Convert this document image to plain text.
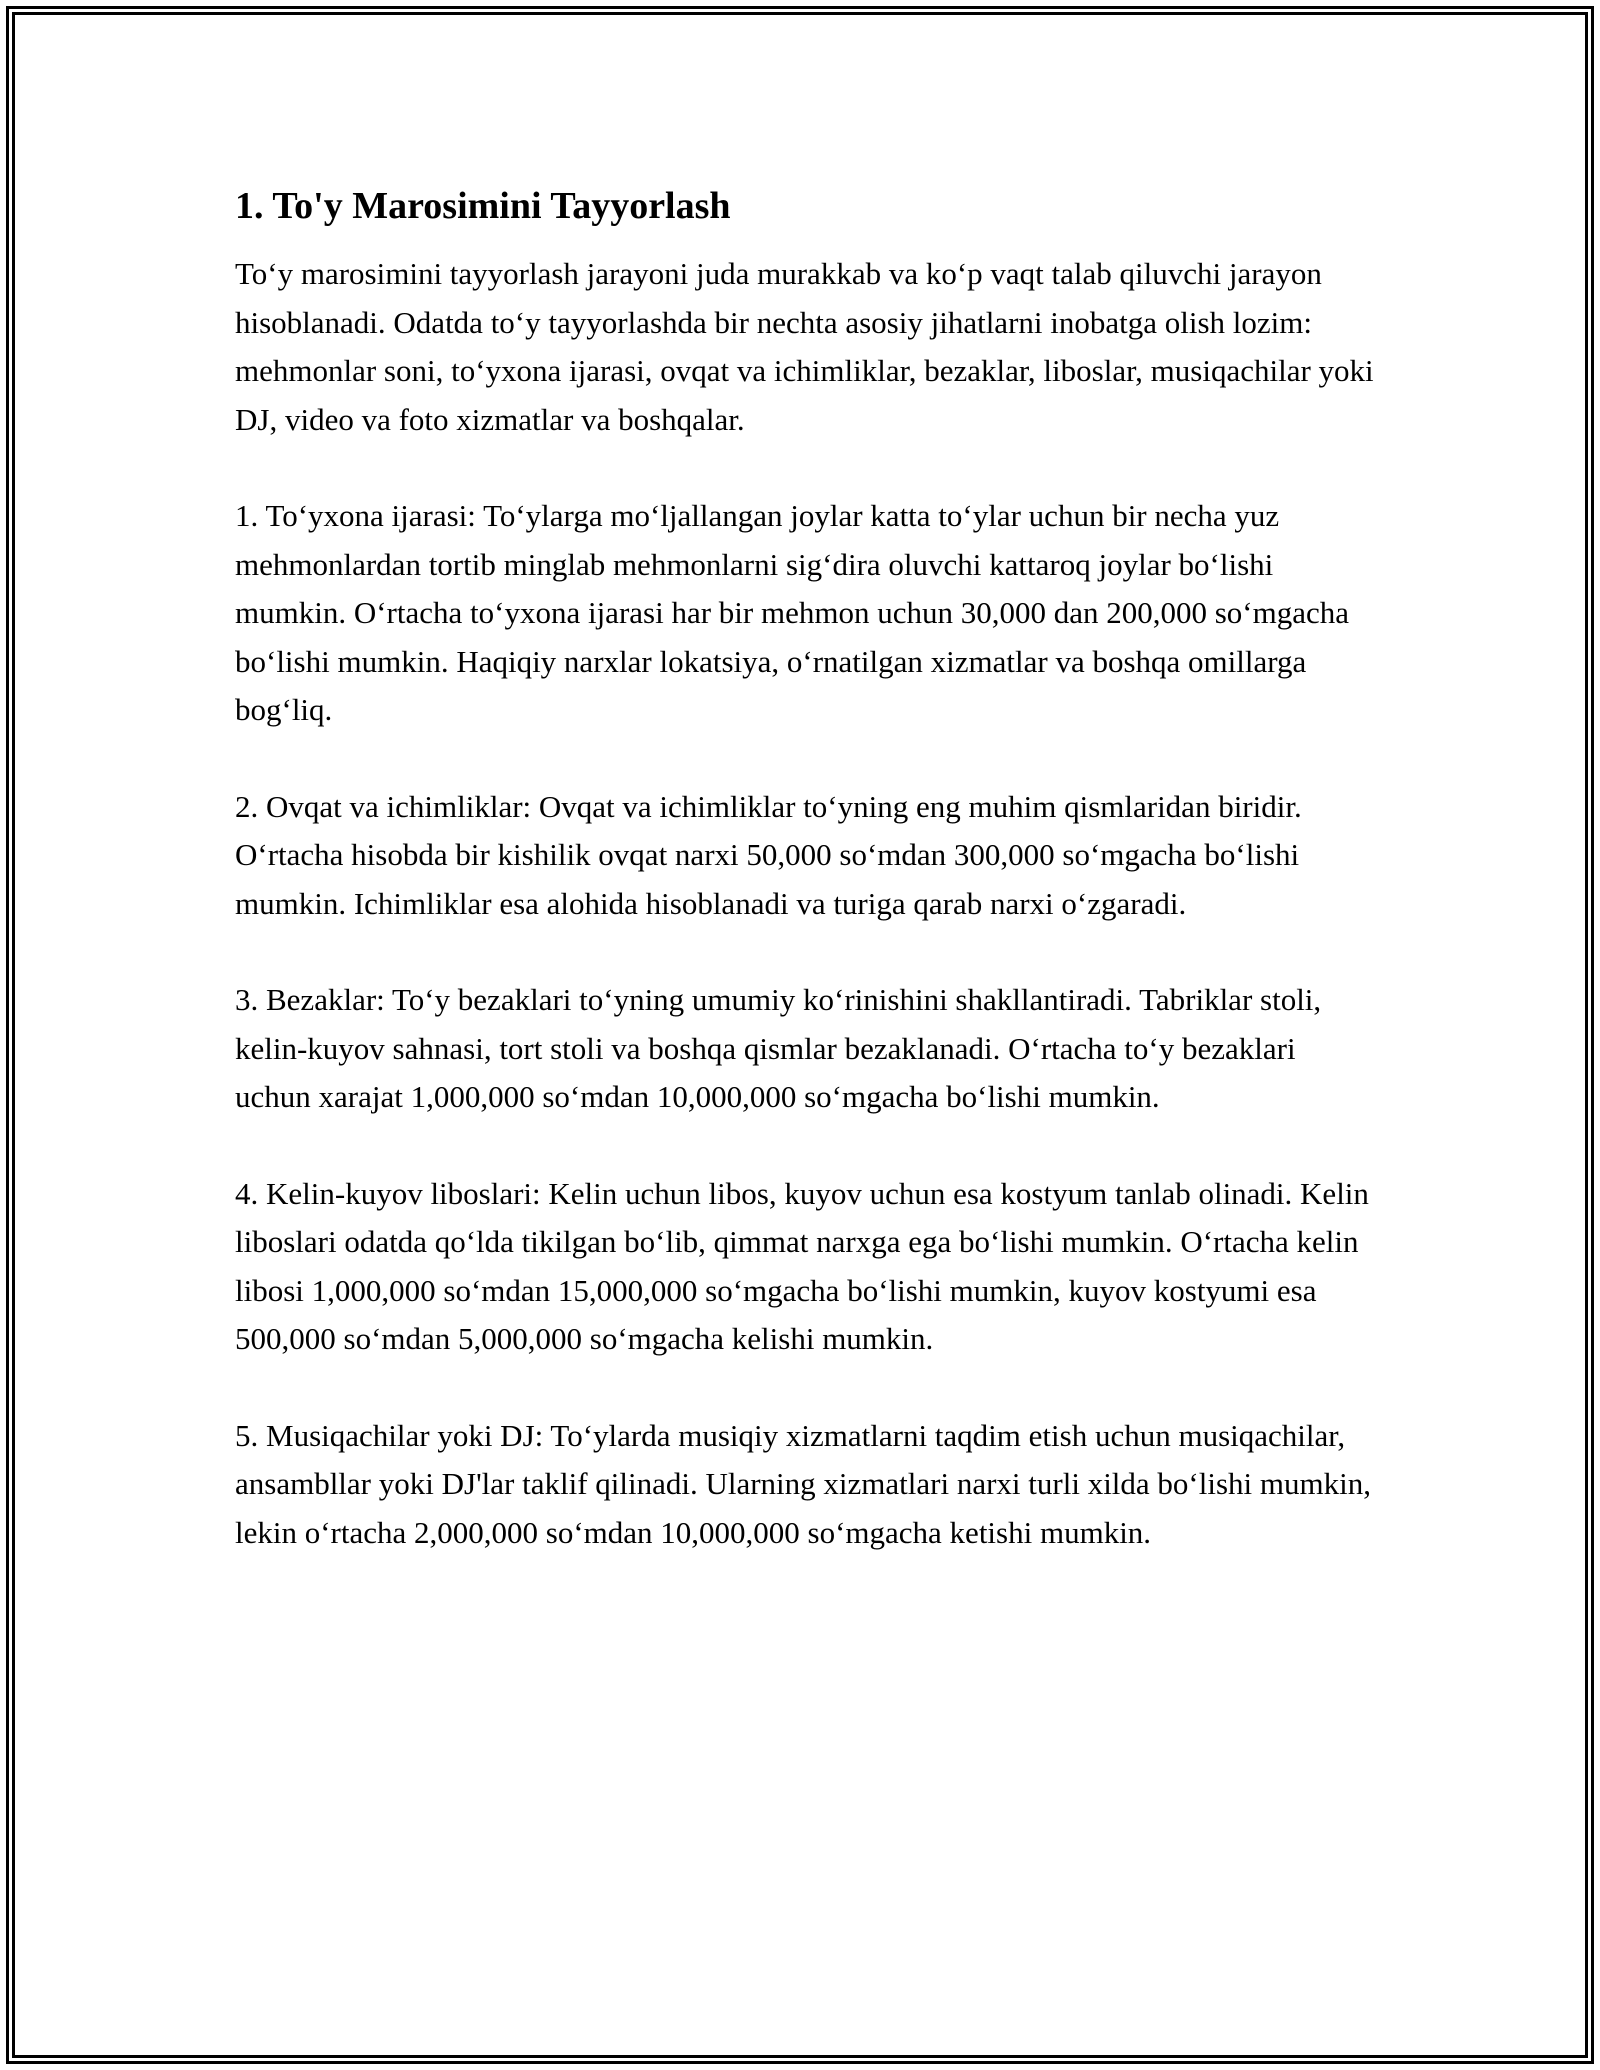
1. To'y Marosimini Tayyorlash

To‘y marosimini tayyorlash jarayoni juda murakkab va ko‘p vaqt talab qiluvchi jarayon hisoblanadi. Odatda to‘y tayyorlashda bir nechta asosiy jihatlarni inobatga olish lozim: mehmonlar soni, to‘yxona ijarasi, ovqat va ichimliklar, bezaklar, liboslar, musiqachilar yoki DJ, video va foto xizmatlar va boshqalar.

1. To‘yxona ijarasi: To‘ylarga mo‘ljallangan joylar katta to‘ylar uchun bir necha yuz mehmonlardan tortib minglab mehmonlarni sig‘dira oluvchi kattaroq joylar bo‘lishi mumkin. O‘rtacha to‘yxona ijarasi har bir mehmon uchun 30,000 dan 200,000 so‘mgacha bo‘lishi mumkin. Haqiqiy narxlar lokatsiya, o‘rnatilgan xizmatlar va boshqa omillarga bog‘liq.

2. Ovqat va ichimliklar: Ovqat va ichimliklar to‘yning eng muhim qismlaridan biridir. O‘rtacha hisobda bir kishilik ovqat narxi 50,000 so‘mdan 300,000 so‘mgacha bo‘lishi mumkin. Ichimliklar esa alohida hisoblanadi va turiga qarab narxi o‘zgaradi.

3. Bezaklar: To‘y bezaklari to‘yning umumiy ko‘rinishini shakllantiradi. Tabriklar stoli, kelin-kuyov sahnasi, tort stoli va boshqa qismlar bezaklanadi. O‘rtacha to‘y bezaklari uchun xarajat 1,000,000 so‘mdan 10,000,000 so‘mgacha bo‘lishi mumkin.

4. Kelin-kuyov liboslari: Kelin uchun libos, kuyov uchun esa kostyum tanlab olinadi. Kelin liboslari odatda qo‘lda tikilgan bo‘lib, qimmat narxga ega bo‘lishi mumkin. O‘rtacha kelin libosi 1,000,000 so‘mdan 15,000,000 so‘mgacha bo‘lishi mumkin, kuyov kostyumi esa 500,000 so‘mdan 5,000,000 so‘mgacha kelishi mumkin.

5. Musiqachilar yoki DJ: To‘ylarda musiqiy xizmatlarni taqdim etish uchun musiqachilar, ansambllar yoki DJ'lar taklif qilinadi. Ularning xizmatlari narxi turli xilda bo‘lishi mumkin, lekin o‘rtacha 2,000,000 so‘mdan 10,000,000 so‘mgacha ketishi mumkin.
